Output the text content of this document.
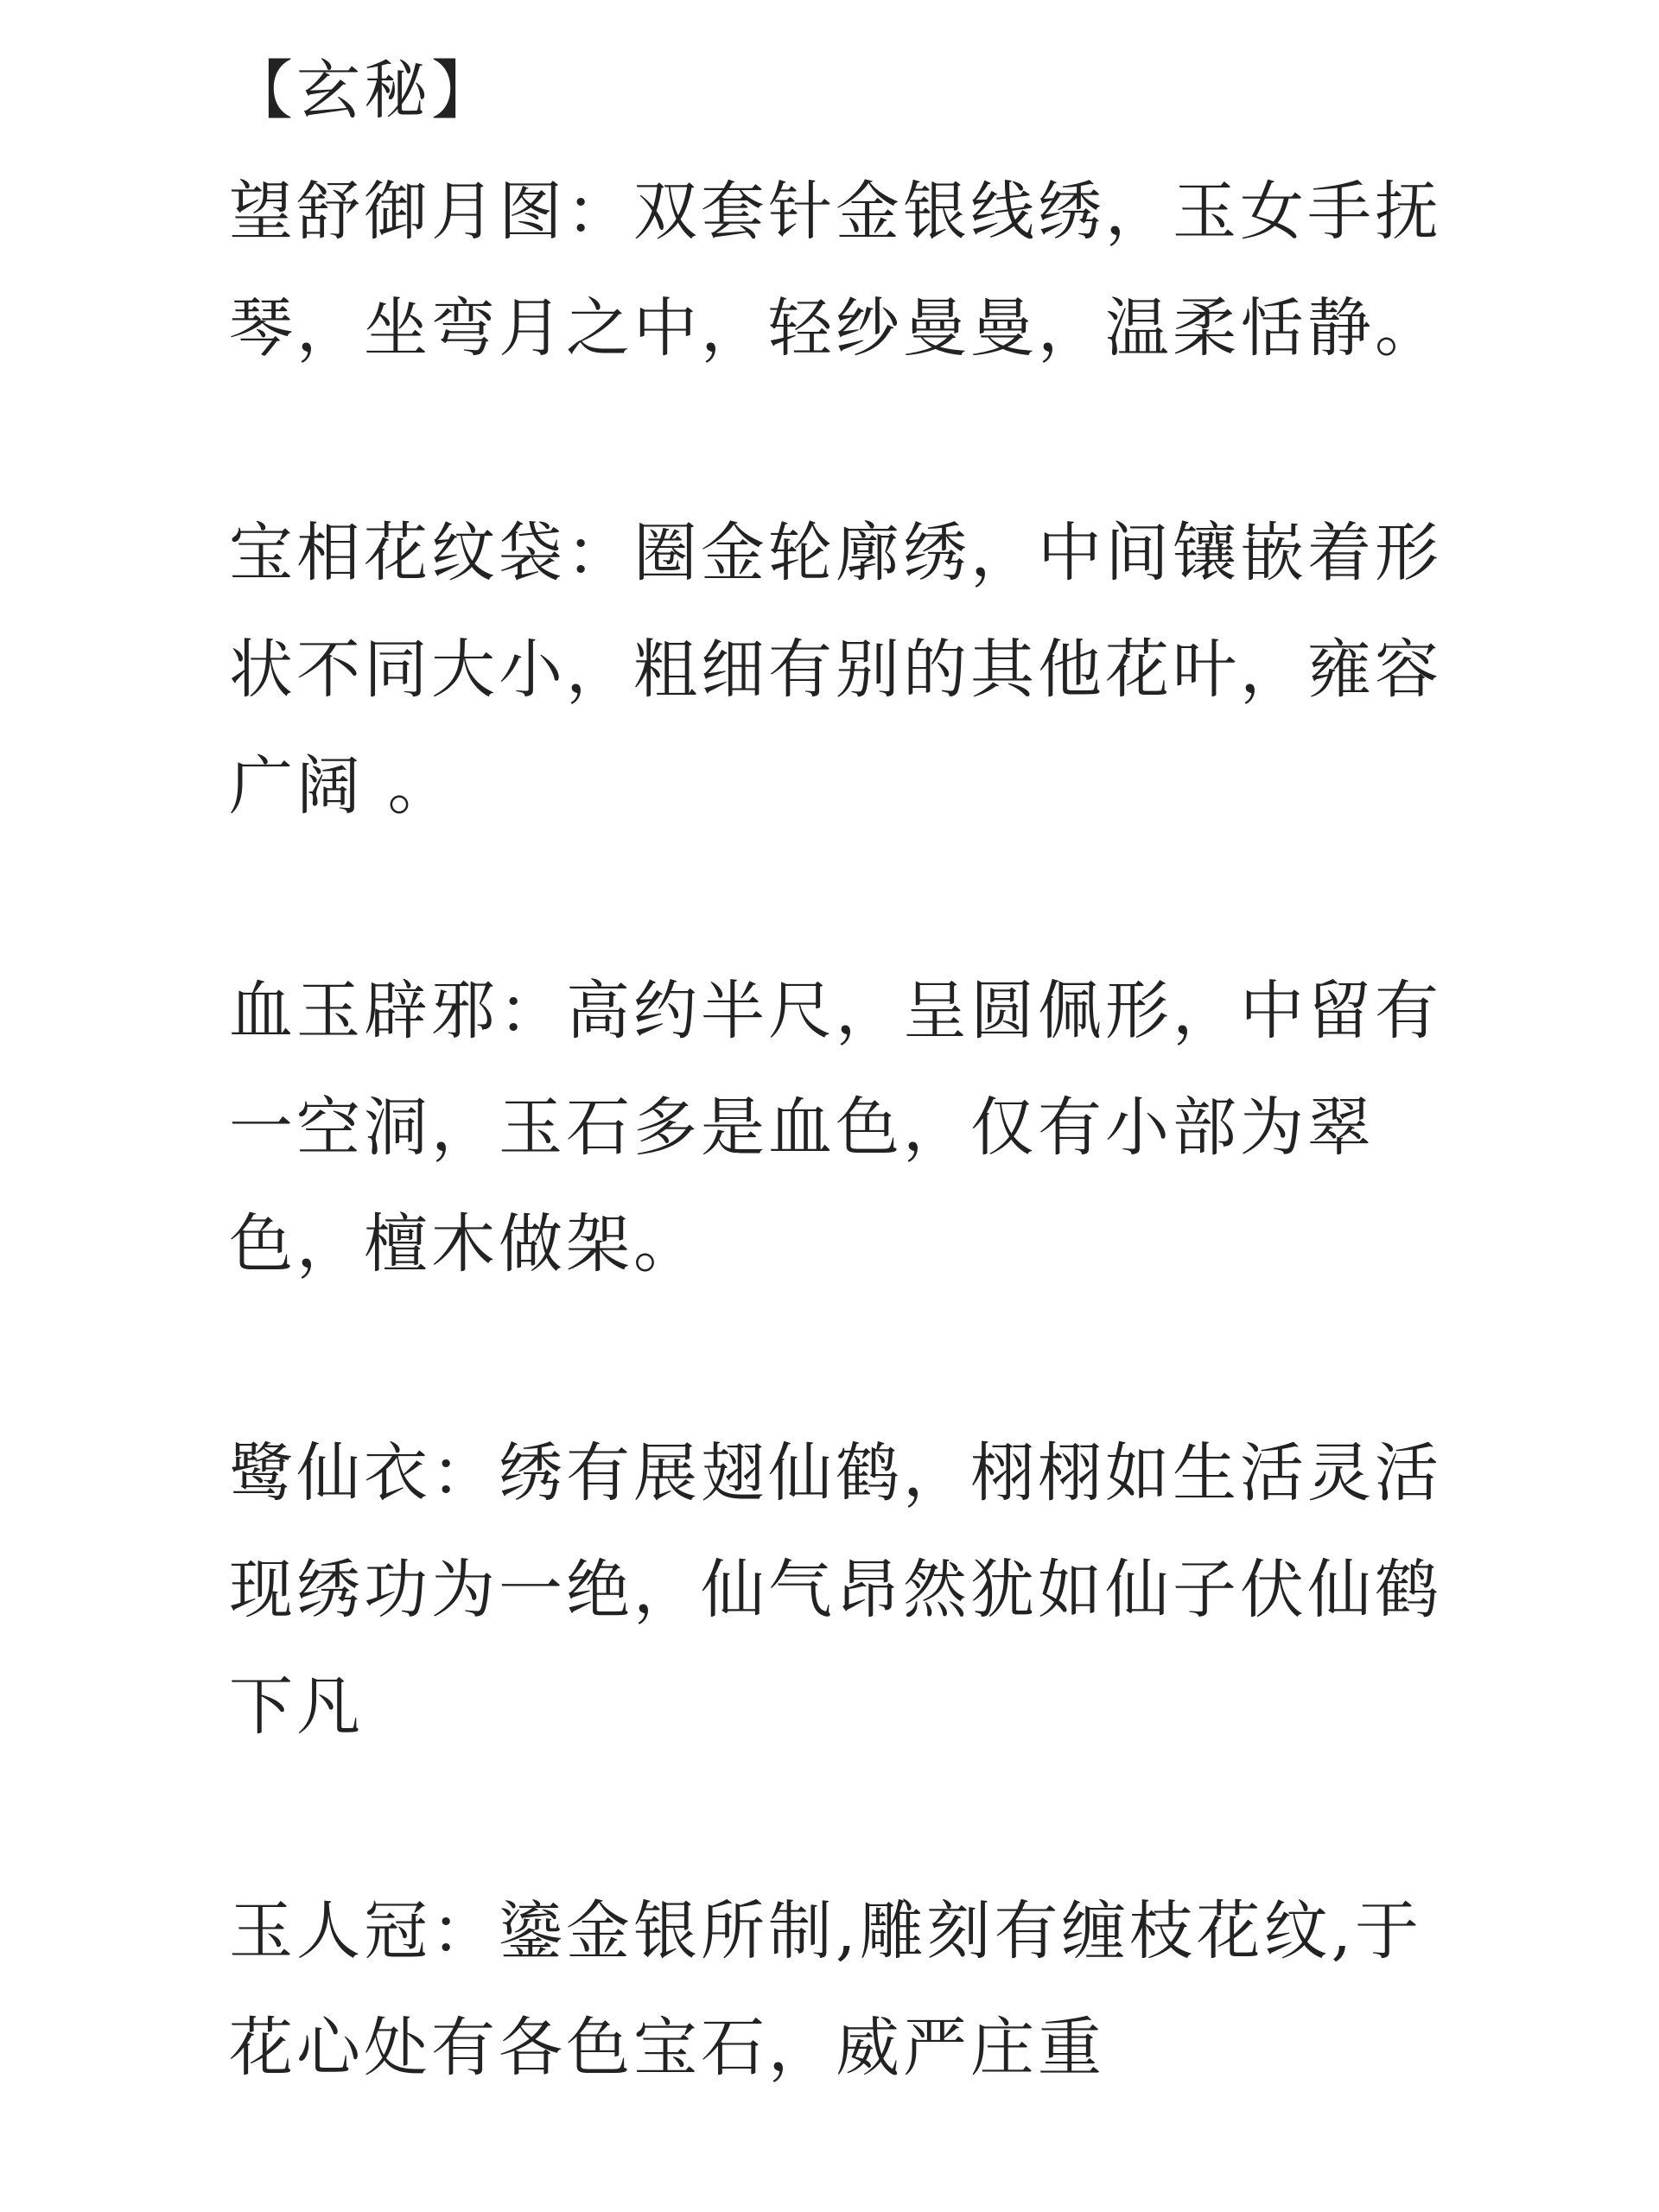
【玄秘】
望舒御月图：双套针金银线绣，玉女手抚
琴，坐弯月之中，轻纱曼曼，温柔恬静。
宝相花纹袋：圈金轮廓绣，中间镶嵌着形
状不同大小，粗细有别的其他花叶，雍容
广阔 。
血玉辟邪：高约半尺，呈圆佩形，中留有
一空洞，玉石多是血色，仅有小部为翠
色，檀木做架。
鹭仙衣：绣有展翅仙鹤，栩栩如生活灵活
现绣功为一绝，仙气昂然犹如仙子伏仙鹤
下凡
玉人冠：鎏金银所制,雕刻有缠枝花纹,于
花心处有各色宝石，威严庄重
